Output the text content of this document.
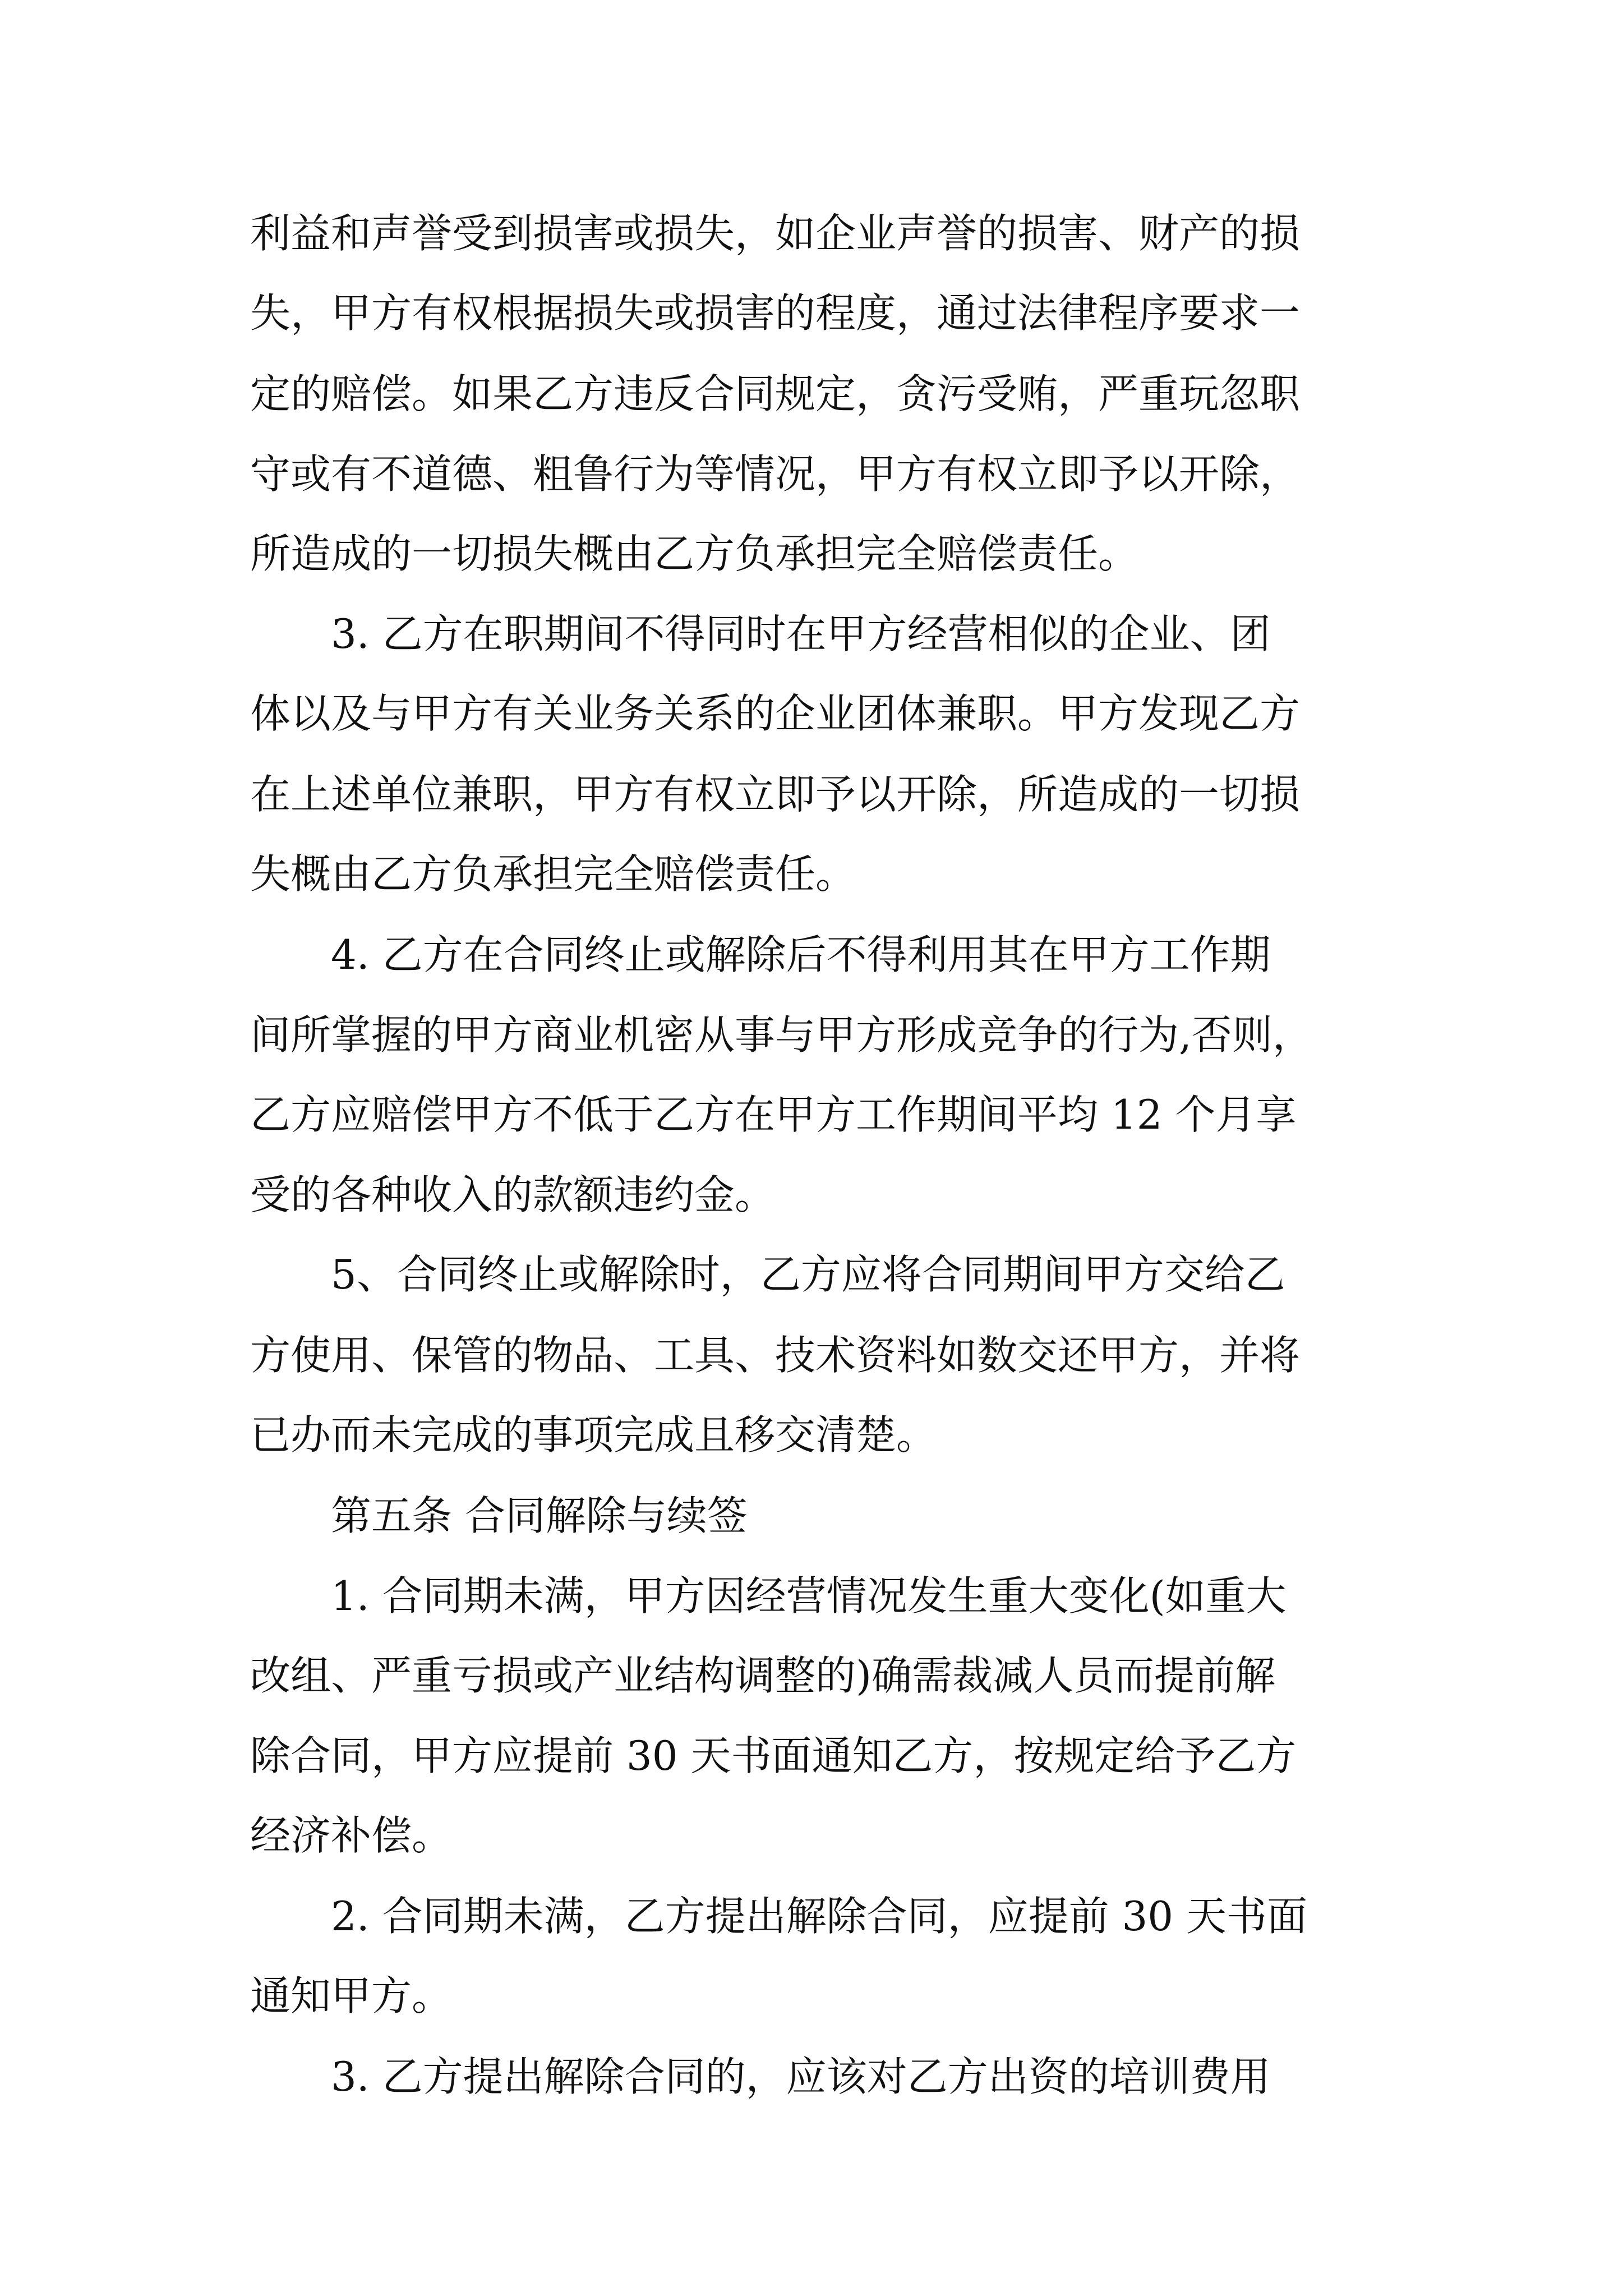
利益和声誉受到损害或损失，如企业声誉的损害、财产的损
失，甲方有权根据损失或损害的程度，通过法律程序要求一
定的赔偿。如果乙方违反合同规定，贪污受贿，严重玩忽职
守或有不道德、粗鲁行为等情况，甲方有权立即予以开除，
所造成的一切损失概由乙方负承担完全赔偿责任。
3. 乙方在职期间不得同时在甲方经营相似的企业、团
体以及与甲方有关业务关系的企业团体兼职。甲方发现乙方
在上述单位兼职，甲方有权立即予以开除，所造成的一切损
失概由乙方负承担完全赔偿责任。
4. 乙方在合同终止或解除后不得利用其在甲方工作期
间所掌握的甲方商业机密从事与甲方形成竞争的行为,否则，
乙方应赔偿甲方不低于乙方在甲方工作期间平均 12 个月享
受的各种收入的款额违约金。
5、合同终止或解除时，乙方应将合同期间甲方交给乙
方使用、保管的物品、工具、技术资料如数交还甲方，并将
已办而未完成的事项完成且移交清楚。
第五条 合同解除与续签
1. 合同期未满，甲方因经营情况发生重大变化(如重大
改组、严重亏损或产业结构调整的)确需裁减人员而提前解
除合同，甲方应提前 30 天书面通知乙方，按规定给予乙方
经济补偿。
2. 合同期未满，乙方提出解除合同，应提前 30 天书面
通知甲方。
3. 乙方提出解除合同的，应该对乙方出资的培训费用
